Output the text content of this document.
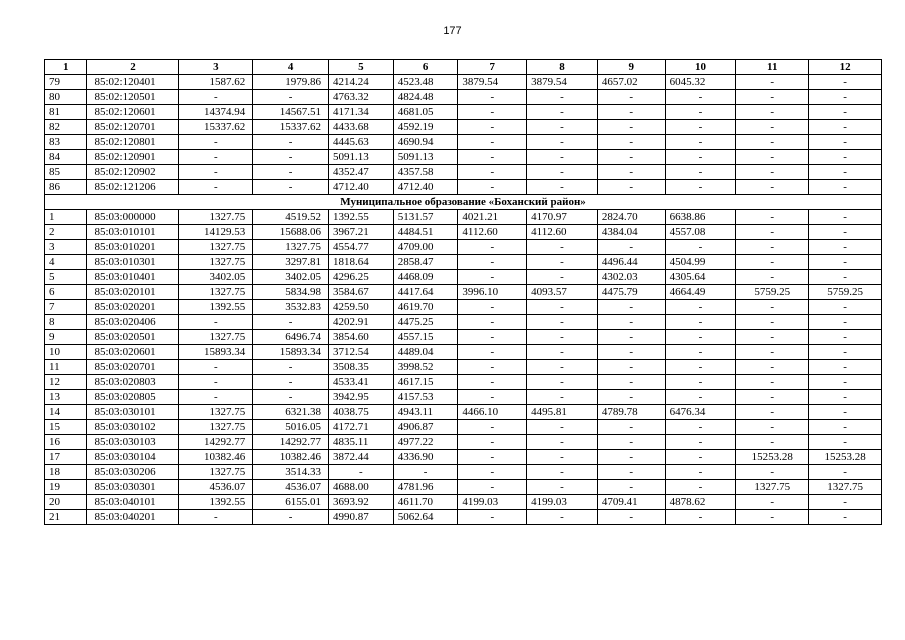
177
1	2	3	4	5	6	7	8	9	10	11	12
79	85:02:120401	1587.62	1979.86	4214.24	4523.48	3879.54	3879.54	4657.02	6045.32	-	-
80	85:02:120501	-	-	4763.32	4824.48	-	-	-	-	-	-
81	85:02:120601	14374.94	14567.51	4171.34	4681.05	-	-	-	-	-	-
82	85:02:120701	15337.62	15337.62	4433.68	4592.19	-	-	-	-	-	-
83	85:02:120801	-	-	4445.63	4690.94	-	-	-	-	-	-
84	85:02:120901	-	-	5091.13	5091.13	-	-	-	-	-	-
85	85:02:120902	-	-	4352.47	4357.58	-	-	-	-	-	-
86	85:02:121206	-	-	4712.40	4712.40	-	-	-	-	-	-
Муниципальное образование «Боханский район»											
1	85:03:000000	1327.75	4519.52	1392.55	5131.57	4021.21	4170.97	2824.70	6638.86	-	-
2	85:03:010101	14129.53	15688.06	3967.21	4484.51	4112.60	4112.60	4384.04	4557.08	-	-
3	85:03:010201	1327.75	1327.75	4554.77	4709.00	-	-	-	-	-	-
4	85:03:010301	1327.75	3297.81	1818.64	2858.47	-	-	4496.44	4504.99	-	-
5	85:03:010401	3402.05	3402.05	4296.25	4468.09	-	-	4302.03	4305.64	-	-
6	85:03:020101	1327.75	5834.98	3584.67	4417.64	3996.10	4093.57	4475.79	4664.49	5759.25	5759.25
7	85:03:020201	1392.55	3532.83	4259.50	4619.70	-	-	-	-	-	-
8	85:03:020406	-	-	4202.91	4475.25	-	-	-	-	-	-
9	85:03:020501	1327.75	6496.74	3854.60	4557.15	-	-	-	-	-	-
10	85:03:020601	15893.34	15893.34	3712.54	4489.04	-	-	-	-	-	-
11	85:03:020701	-	-	3508.35	3998.52	-	-	-	-	-	-
12	85:03:020803	-	-	4533.41	4617.15	-	-	-	-	-	-
13	85:03:020805	-	-	3942.95	4157.53	-	-	-	-	-	-
14	85:03:030101	1327.75	6321.38	4038.75	4943.11	4466.10	4495.81	4789.78	6476.34	-	-
15	85:03:030102	1327.75	5016.05	4172.71	4906.87	-	-	-	-	-	-
16	85:03:030103	14292.77	14292.77	4835.11	4977.22	-	-	-	-	-	-
17	85:03:030104	10382.46	10382.46	3872.44	4336.90	-	-	-	-	15253.28	15253.28
18	85:03:030206	1327.75	3514.33	-	-	-	-	-	-	-	-
19	85:03:030301	4536.07	4536.07	4688.00	4781.96	-	-	-	-	1327.75	1327.75
20	85:03:040101	1392.55	6155.01	3693.92	4611.70	4199.03	4199.03	4709.41	4878.62	-	-
21	85:03:040201	-	-	4990.87	5062.64	-	-	-	-	-	-
